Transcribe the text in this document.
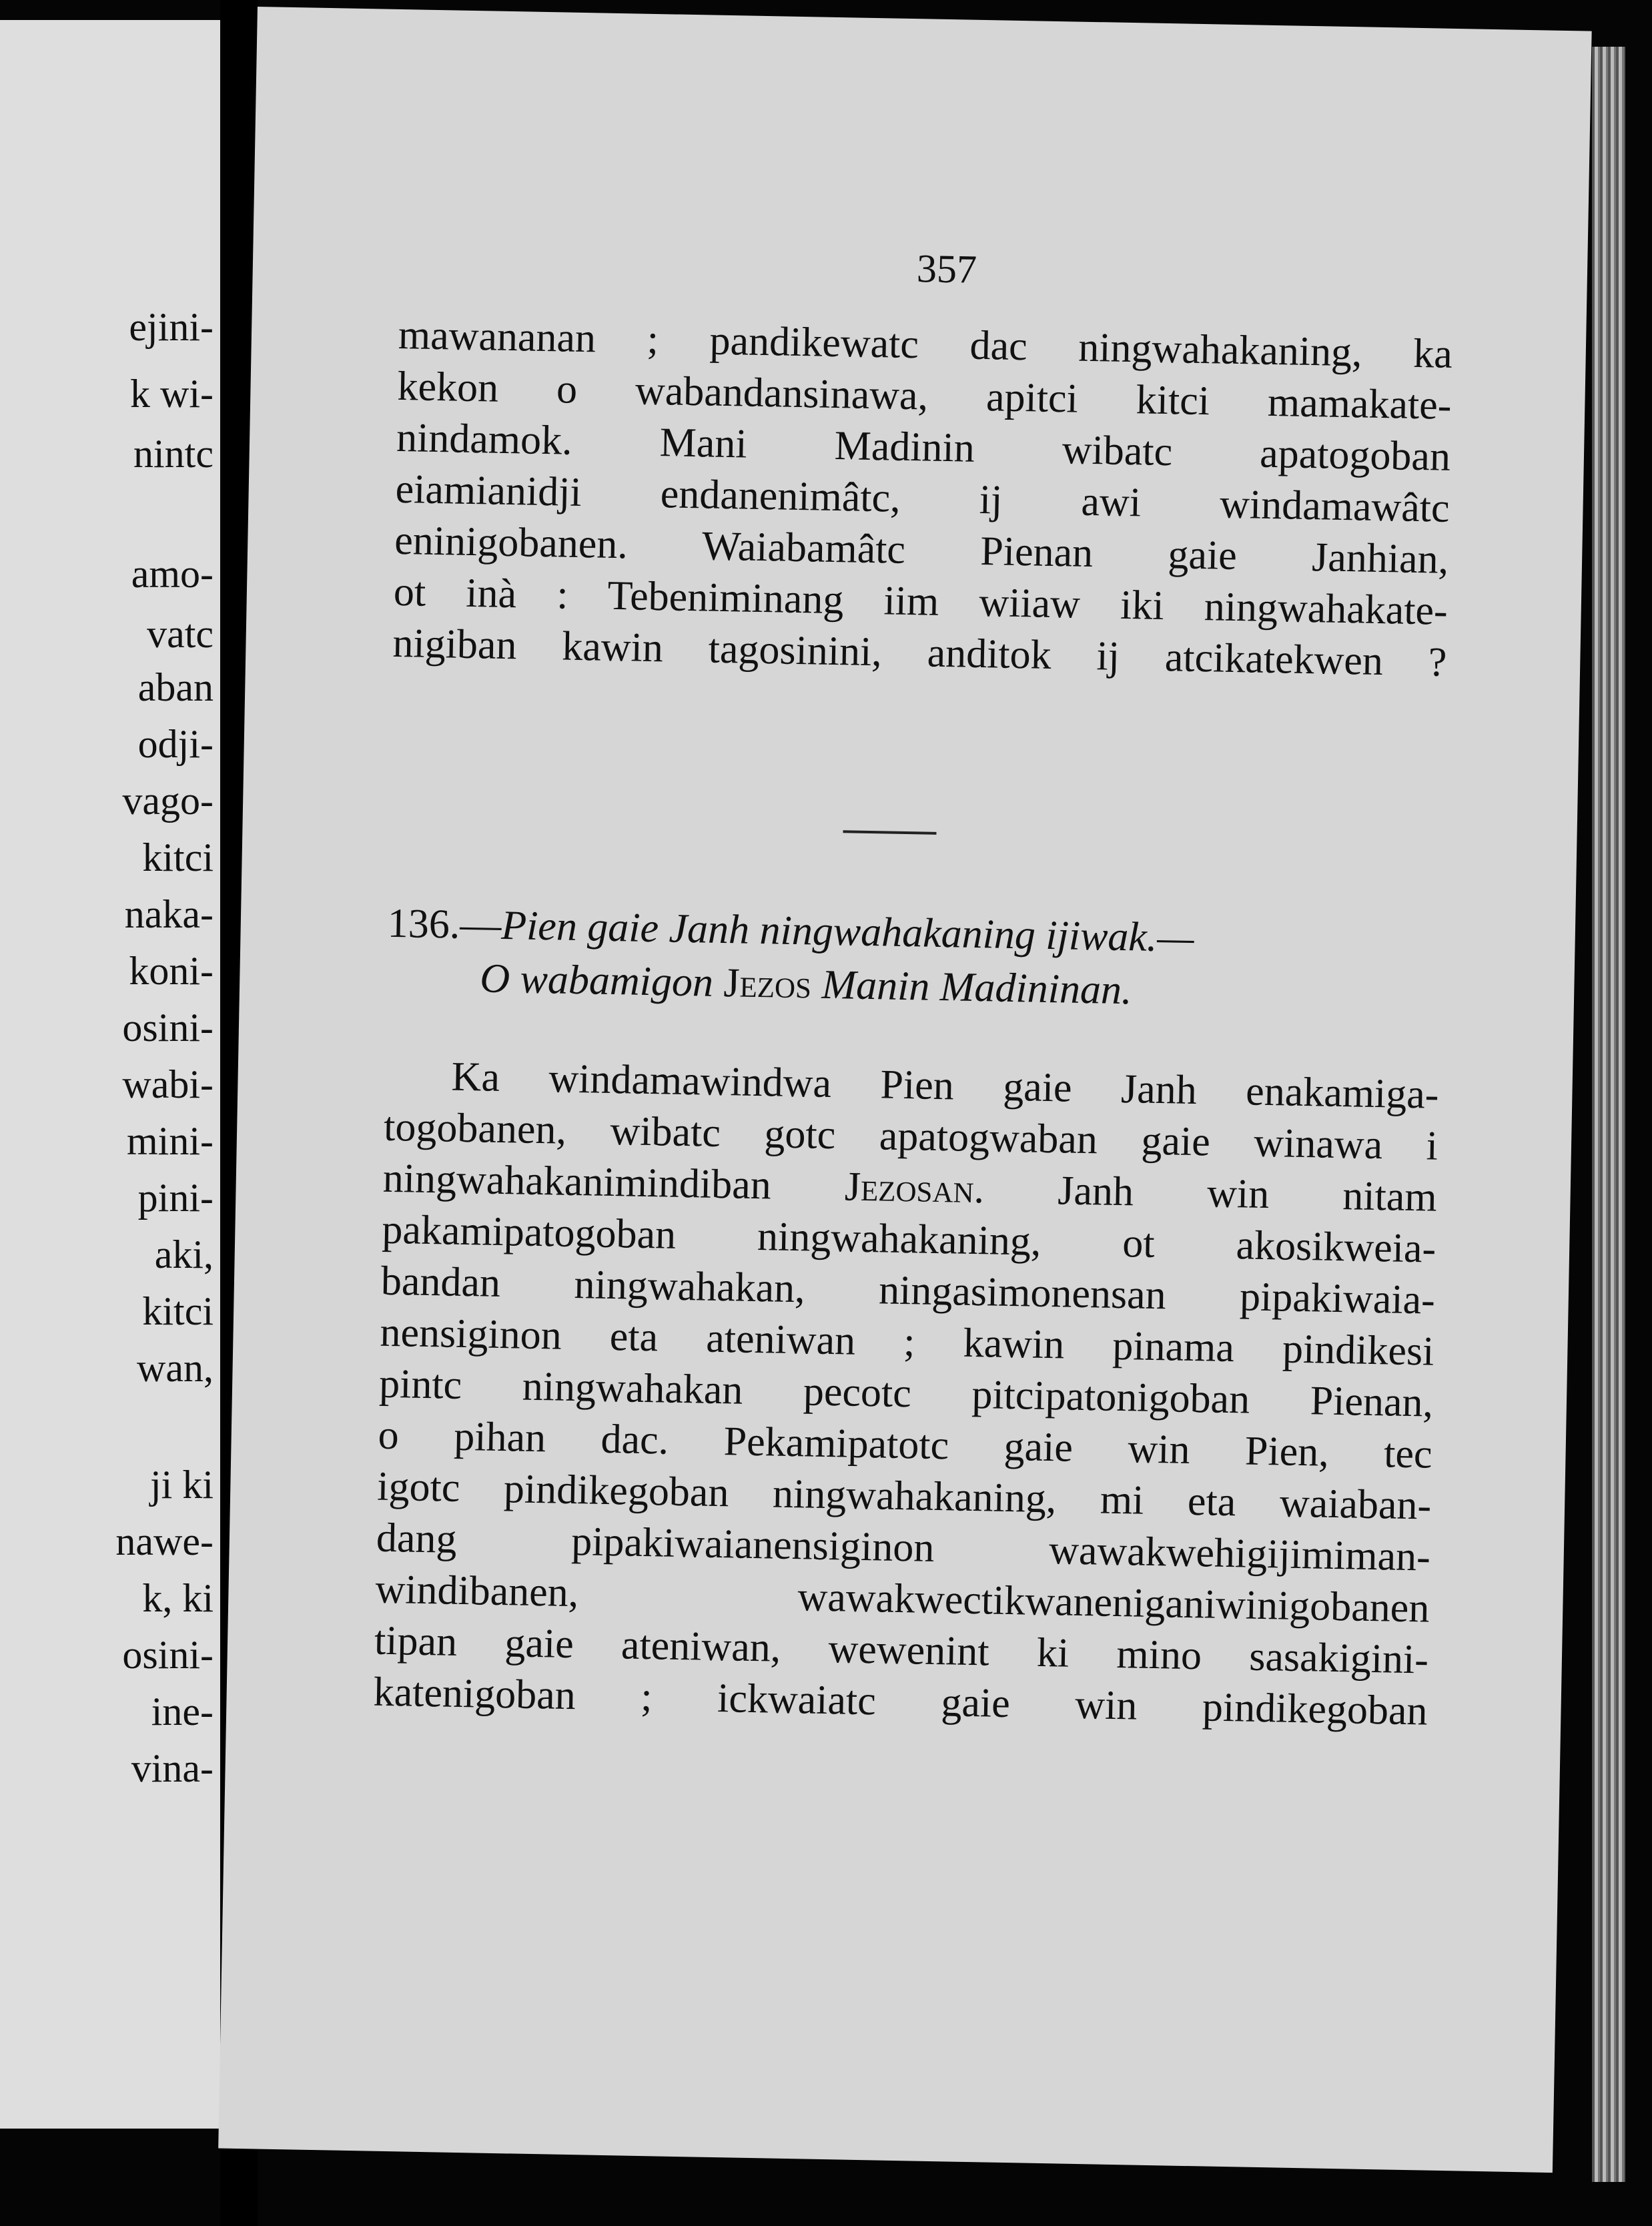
ejini-
k wi-
nintc
amo-
vatc
aban
odji-
vago-
kitci
naka-
koni-
osini-
wabi-
mini-
pini-
aki,
kitci
wan,
ji ki
nawe-
k, ki
osini-
ine-
vina-
357
mawananan ; pandikewatc dac ningwahakaning, ka
kekon o wabandansinawa, apitci kitci mamakate-
nindamok. Mani Madinin wibatc apatogoban
eiamianidji endanenimâtc, ij awi windamawâtc
eninigobanen. Waiabamâtc Pienan gaie Janhian,
ot inà : Tebeniminang iim wiiaw iki ningwahakate-
nigiban kawin tagosinini, anditok ij atcikatekwen ?
136.—Pien gaie Janh ningwahakaning ijiwak.—
O wabamigon Jezos Manin Madininan.
Ka windamawindwa Pien gaie Janh enakamiga-
togobanen, wibatc gotc apatogwaban gaie winawa i
ningwahakanimindiban Jezosan. Janh win nitam
pakamipatogoban ningwahakaning, ot akosikweia-
bandan ningwahakan, ningasimonensan pipakiwaia-
nensiginon eta ateniwan ; kawin pinama pindikesi
pintc ningwahakan pecotc pitcipatonigoban Pienan,
o pihan dac. Pekamipatotc gaie win Pien, tec
igotc pindikegoban ningwahakaning, mi eta waiaban-
dang pipakiwaianensiginon wawakwehigijimiman-
windibanen, wawakwectikwaneniganiwinigobanen
tipan gaie ateniwan, wewenint ki mino sasakigini-
katenigoban ; ickwaiatc gaie win pindikegoban
